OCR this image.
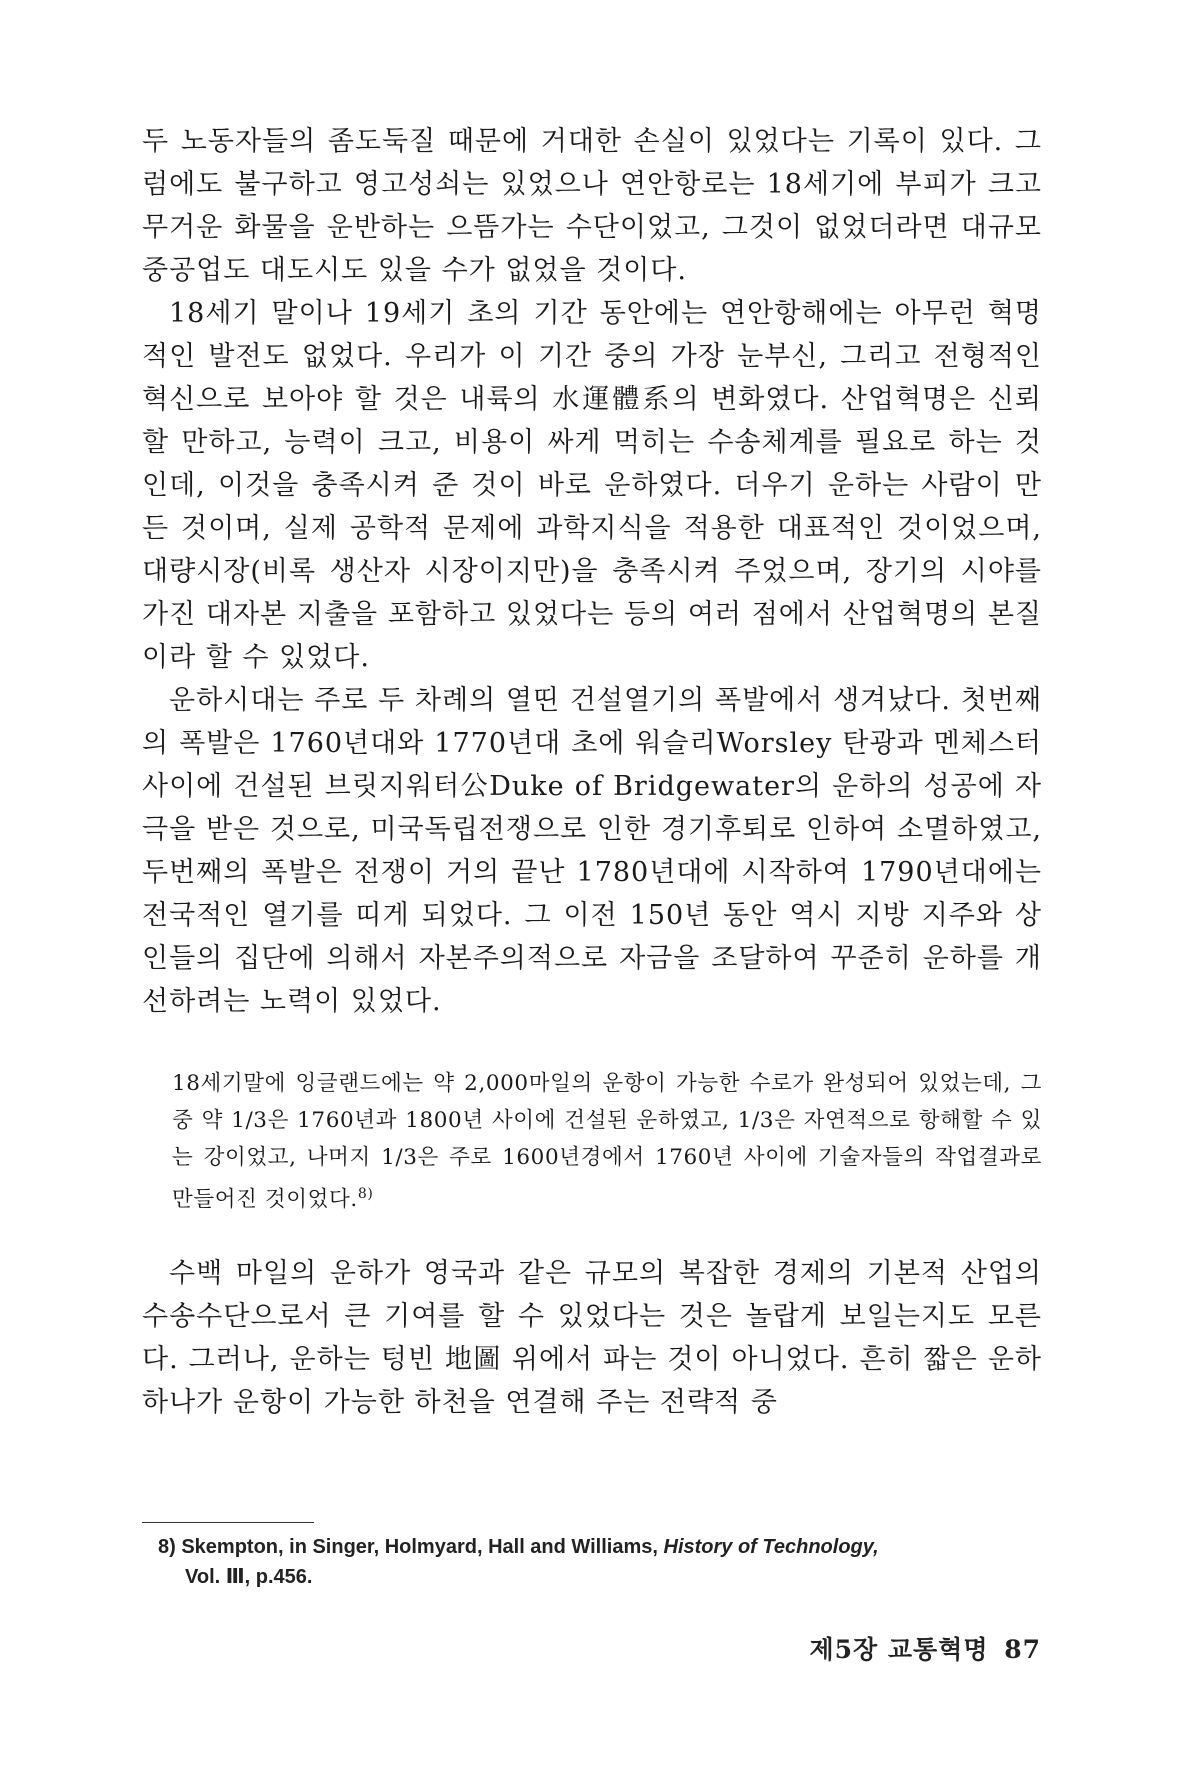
두 노동자들의 좀도둑질 때문에 거대한 손실이 있었다는 기록이 있다. 그럼에도 불구하고 영고성쇠는 있었으나 연안항로는 18세기에 부피가 크고 무거운 화물을 운반하는 으뜸가는 수단이었고, 그것이 없었더라면 대규모 중공업도 대도시도 있을 수가 없었을 것이다.

18세기 말이나 19세기 초의 기간 동안에는 연안항해에는 아무런 혁명적인 발전도 없었다. 우리가 이 기간 중의 가장 눈부신, 그리고 전형적인 혁신으로 보아야 할 것은 내륙의 水運體系의 변화였다. 산업혁명은 신뢰할 만하고, 능력이 크고, 비용이 싸게 먹히는 수송체계를 필요로 하는 것인데, 이것을 충족시켜 준 것이 바로 운하였다. 더우기 운하는 사람이 만든 것이며, 실제 공학적 문제에 과학지식을 적용한 대표적인 것이었으며, 대량시장(비록 생산자 시장이지만)을 충족시켜 주었으며, 장기의 시야를 가진 대자본 지출을 포함하고 있었다는 등의 여러 점에서 산업혁명의 본질이라 할 수 있었다.

운하시대는 주로 두 차례의 열띤 건설열기의 폭발에서 생겨났다. 첫번째의 폭발은 1760년대와 1770년대 초에 워슬리Worsley 탄광과 멘체스터 사이에 건설된 브릿지워터公Duke of Bridgewater의 운하의 성공에 자극을 받은 것으로, 미국독립전쟁으로 인한 경기후퇴로 인하여 소멸하였고, 두번째의 폭발은 전쟁이 거의 끝난 1780년대에 시작하여 1790년대에는 전국적인 열기를 띠게 되었다. 그 이전 150년 동안 역시 지방 지주와 상인들의 집단에 의해서 자본주의적으로 자금을 조달하여 꾸준히 운하를 개선하려는 노력이 있었다.

18세기말에 잉글랜드에는 약 2,000마일의 운항이 가능한 수로가 완성되어 있었는데, 그중 약 1/3은 1760년과 1800년 사이에 건설된 운하였고, 1/3은 자연적으로 항해할 수 있는 강이었고, 나머지 1/3은 주로 1600년경에서 1760년 사이에 기술자들의 작업결과로 만들어진 것이었다.$^{8)}$

수백 마일의 운하가 영국과 같은 규모의 복잡한 경제의 기본적 산업의 수송수단으로서 큰 기여를 할 수 있었다는 것은 놀랍게 보일는지도 모른다. 그러나, 운하는 텅빈 地圖 위에서 파는 것이 아니었다. 흔히 짧은 운하 하나가 운항이 가능한 하천을 연결해 주는 전략적 중

8) Skempton, in Singer, Holmyard, Hall and Williams, History of Technology,
Vol. Ⅲ, p.456.
제5장 교통혁명 87
